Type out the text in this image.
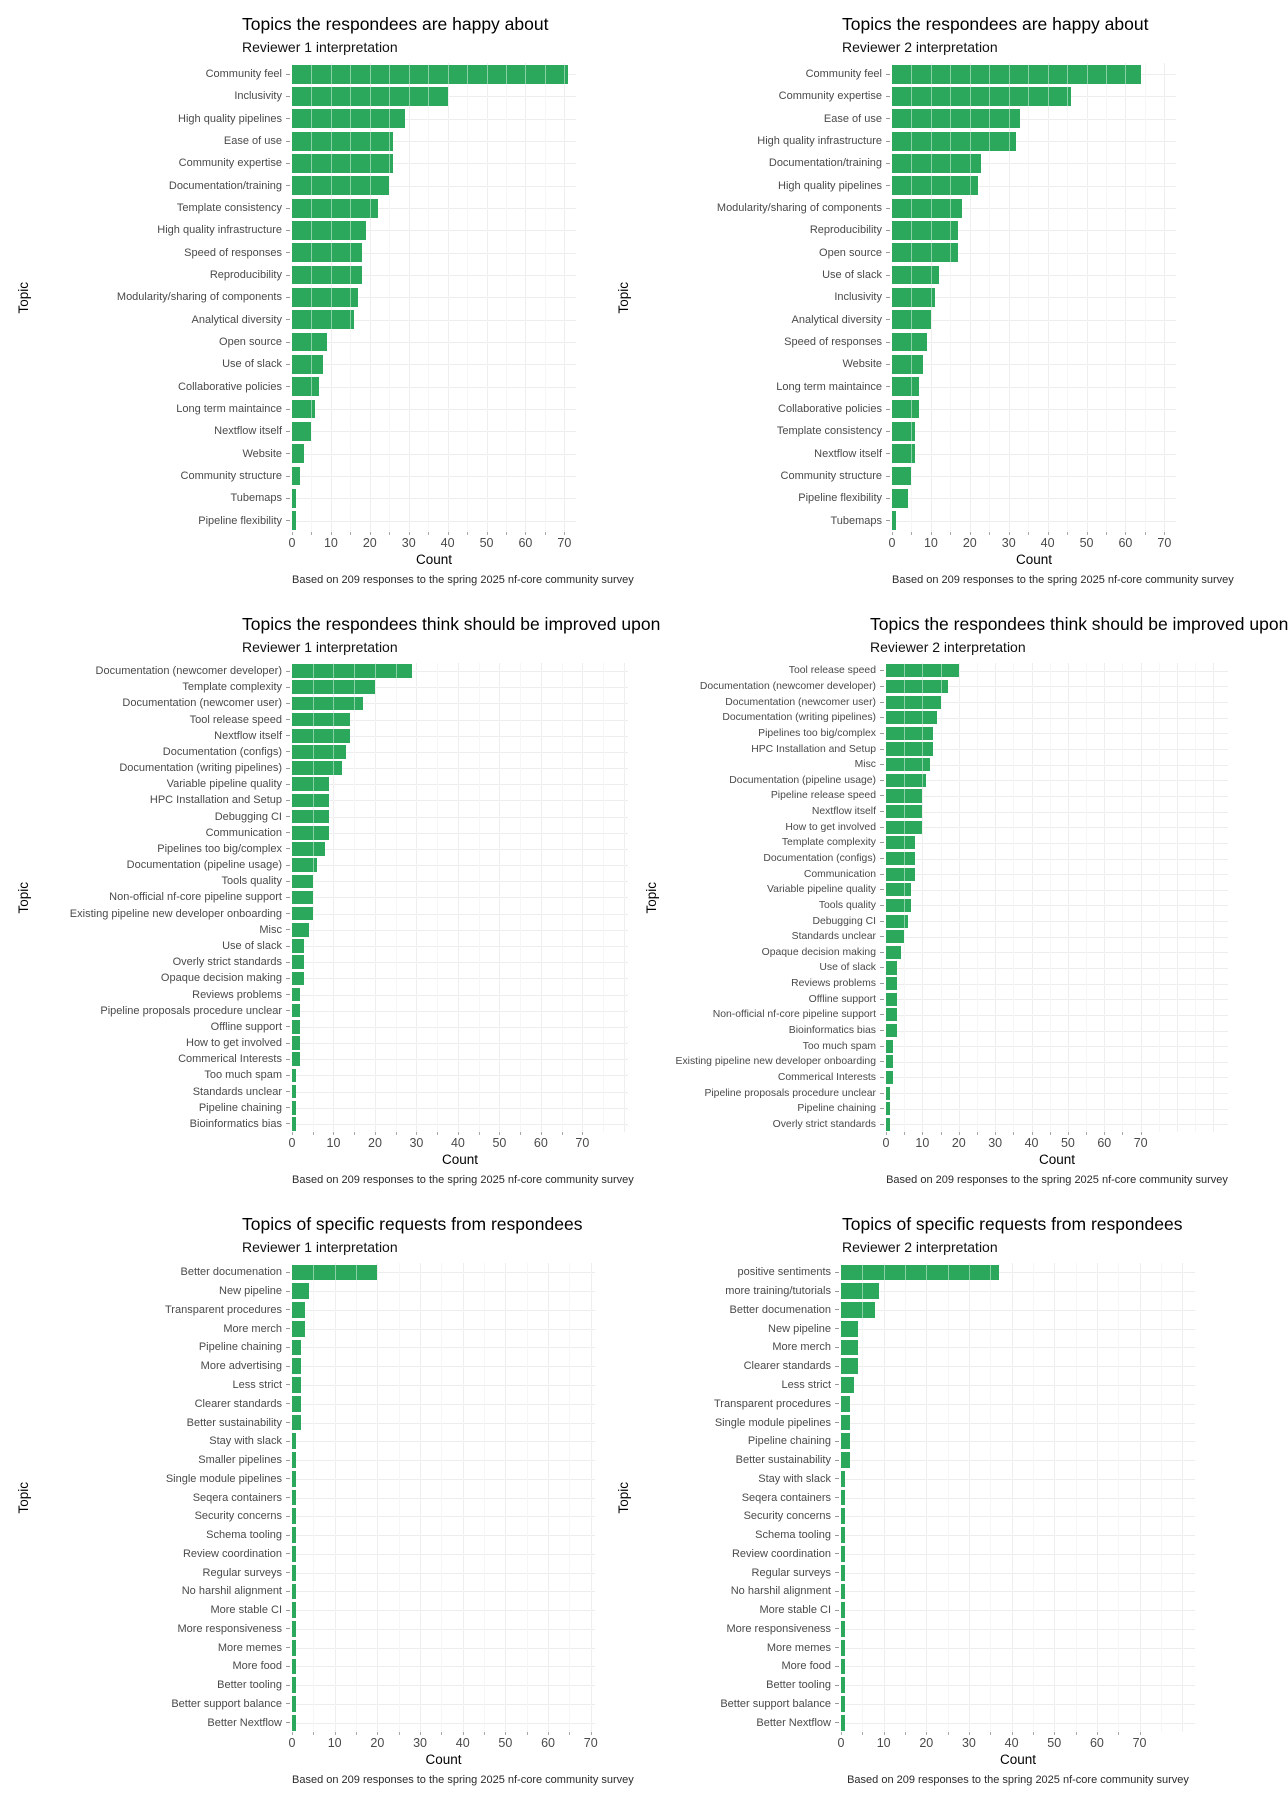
Topics the respondees are happy about
Reviewer 1 interpretation
Topic
Community feel
Inclusivity
High quality pipelines
Ease of use
Community expertise
Documentation/training
Template consistency
High quality infrastructure
Speed of responses
Reproducibility
Modularity/sharing of components
Analytical diversity
Open source
Use of slack
Collaborative policies
Long term maintaince
Nextflow itself
Website
Community structure
Tubemaps
Pipeline flexibility
0 10 20 30 40 50 60 70
Count
Based on 209 responses to the spring 2025 nf-core community survey
Topics the respondees are happy about
Reviewer 2 interpretation
Topic
Community feel
Community expertise
Ease of use
High quality infrastructure
Documentation/training
High quality pipelines
Modularity/sharing of components
Reproducibility
Open source
Use of slack
Inclusivity
Analytical diversity
Speed of responses
Website
Long term maintaince
Collaborative policies
Template consistency
Nextflow itself
Community structure
Pipeline flexibility
Tubemaps
0 10 20 30 40 50 60 70
Count
Based on 209 responses to the spring 2025 nf-core community survey
Topics the respondees think should be improved upon
Reviewer 1 interpretation
Topic
Documentation (newcomer developer)
Template complexity
Documentation (newcomer user)
Tool release speed
Nextflow itself
Documentation (configs)
Documentation (writing pipelines)
Variable pipeline quality
HPC Installation and Setup
Debugging CI
Communication
Pipelines too big/complex
Documentation (pipeline usage)
Tools quality
Non-official nf-core pipeline support
Existing pipeline new developer onboarding
Misc
Use of slack
Overly strict standards
Opaque decision making
Reviews problems
Pipeline proposals procedure unclear
Offline support
How to get involved
Commerical Interests
Too much spam
Standards unclear
Pipeline chaining
Bioinformatics bias
0 10 20 30 40 50 60 70
Count
Based on 209 responses to the spring 2025 nf-core community survey
Topics the respondees think should be improved upon
Reviewer 2 interpretation
Topic
Tool release speed
Documentation (newcomer developer)
Documentation (newcomer user)
Documentation (writing pipelines)
Pipelines too big/complex
HPC Installation and Setup
Misc
Documentation (pipeline usage)
Pipeline release speed
Nextflow itself
How to get involved
Template complexity
Documentation (configs)
Communication
Variable pipeline quality
Tools quality
Debugging CI
Standards unclear
Opaque decision making
Use of slack
Reviews problems
Offline support
Non-official nf-core pipeline support
Bioinformatics bias
Too much spam
Existing pipeline new developer onboarding
Commerical Interests
Pipeline proposals procedure unclear
Pipeline chaining
Overly strict standards
0 10 20 30 40 50 60 70
Count
Based on 209 responses to the spring 2025 nf-core community survey
Topics of specific requests from respondees
Reviewer 1 interpretation
Topic
Better documenation
New pipeline
Transparent procedures
More merch
Pipeline chaining
More advertising
Less strict
Clearer standards
Better sustainability
Stay with slack
Smaller pipelines
Single module pipelines
Seqera containers
Security concerns
Schema tooling
Review coordination
Regular surveys
No harshil alignment
More stable CI
More responsiveness
More memes
More food
Better tooling
Better support balance
Better Nextflow
0	10 20 30 40 50 60 70
Count
Based on 209 responses to the spring 2025 nf-core community survey
Topics of specific requests from respondees
Reviewer 2 interpretation
Topic
positive sentiments
more training/tutorials
Better documenation
New pipeline
More merch
Clearer standards
Less strict
Transparent procedures
Single module pipelines
Pipeline chaining
Better sustainability
Stay with slack
Seqera containers
Security concerns
Schema tooling
Review coordination
Regular surveys
No harshil alignment
More stable CI
More responsiveness
More memes
More food
Better tooling
Better support balance
Better Nextflow
0	10 20 30 40 50 60 70
Count
Based on 209 responses to the spring 2025 nf-core community survey
